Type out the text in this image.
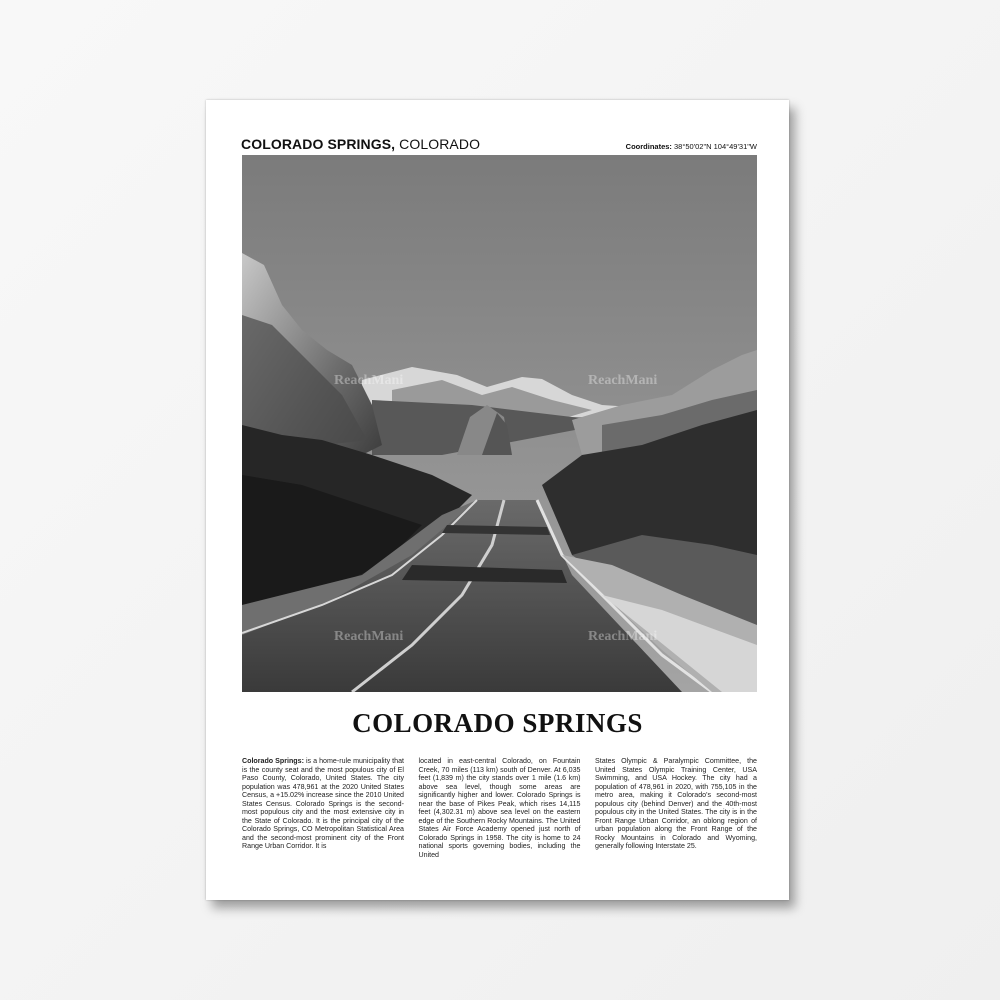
COLORADO SPRINGS, COLORADO	Coordinates: 38°50'02"N 104°49'31"W
ReachMani	ReachMani
ReachMani	ReachMani
COLORADO SPRINGS
Colorado Springs: is a home-rule municipality that is the county seat and the most populous city of El Paso County, Colorado, United States. The city population was 478,961 at the 2020 United States Census, a +15.02% increase since the 2010 United States Census. Colorado Springs is the second-most populous city and the most extensive city in the State of Colorado. It is the principal city of the Colorado Springs, CO Metropolitan Statistical Area and the second-most prominent city of the Front Range Urban Corridor. It is
located in east-central Colorado, on Fountain Creek, 70 miles (113 km) south of Denver. At 6,035 feet (1,839 m) the city stands over 1 mile (1.6 km) above sea level, though some areas are significantly higher and lower. Colorado Springs is near the base of Pikes Peak, which rises 14,115 feet (4,302.31 m) above sea level on the eastern edge of the Southern Rocky Mountains. The United States Air Force Academy opened just north of Colorado Springs in 1958. The city is home to 24 national sports governing bodies, including the United
States Olympic & Paralympic Committee, the United States Olympic Training Center, USA Swimming, and USA Hockey. The city had a population of 478,961 in 2020, with 755,105 in the metro area, making it Colorado's second-most populous city (behind Denver) and the 40th-most populous city in the United States. The city is in the Front Range Urban Corridor, an oblong region of urban population along the Front Range of the Rocky Mountains in Colorado and Wyoming, generally following Interstate 25.
